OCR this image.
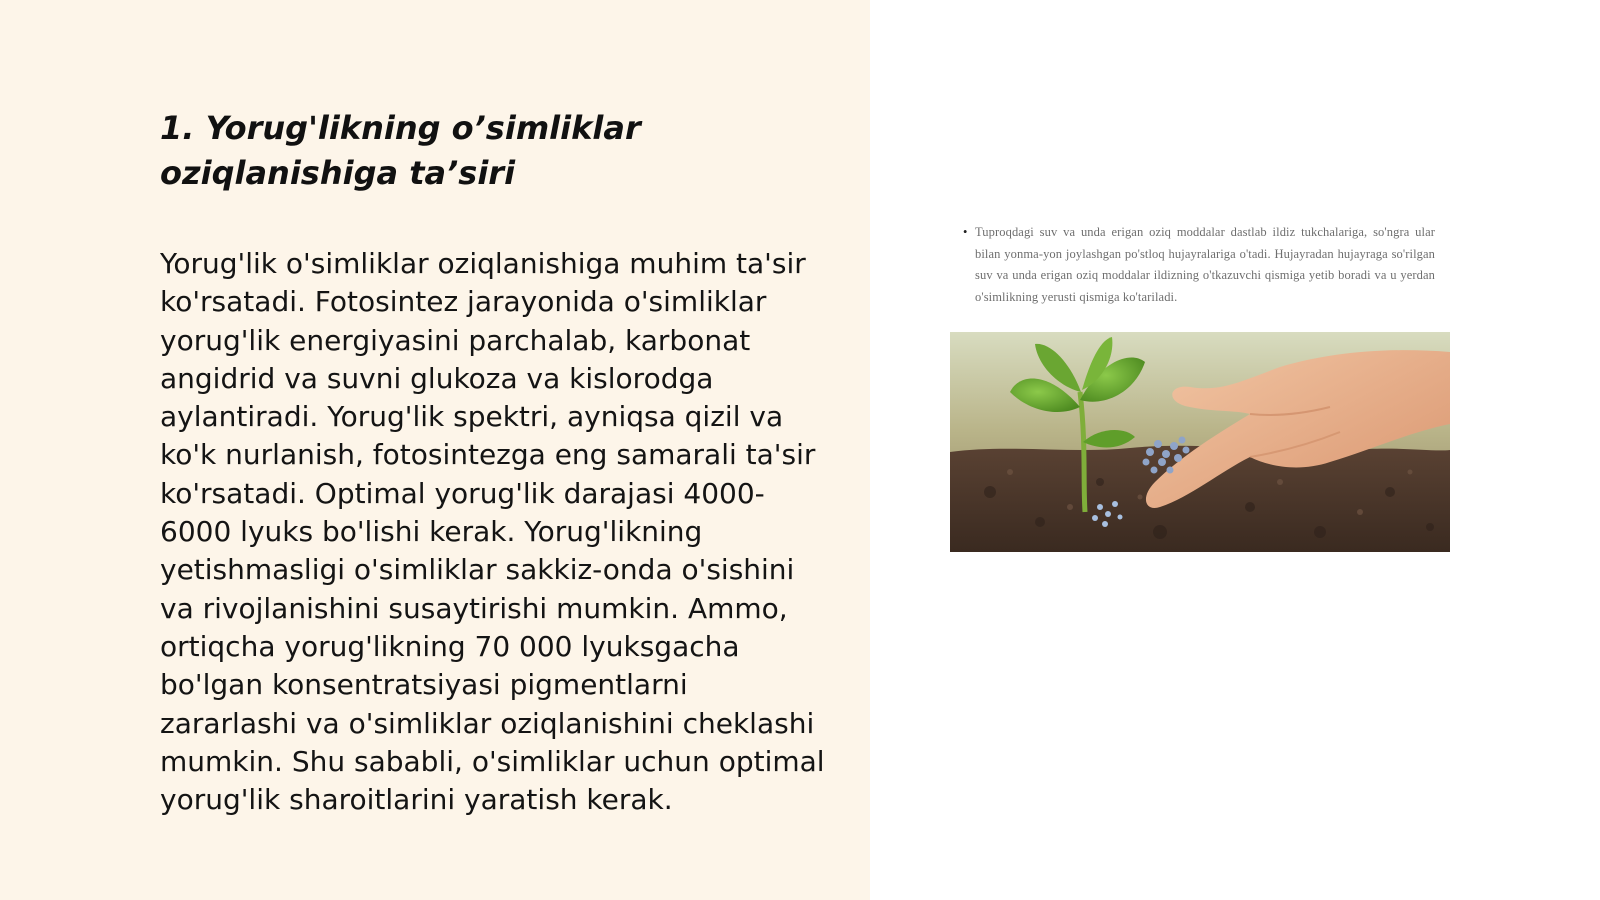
1. Yorug'likning o’simliklar oziqlanishiga ta’siri

Yorug'lik o'simliklar oziqlanishiga muhim ta'sir ko'rsatadi. Fotosintez jarayonida o'simliklar yorug'lik energiyasini parchalab, karbonat angidrid va suvni glukoza va kislorodga aylantiradi. Yorug'lik spektri, ayniqsa qizil va ko'k nurlanish, fotosintezga eng samarali ta'sir ko'rsatadi. Optimal yorug'lik darajasi 4000-6000 lyuks bo'lishi kerak. Yorug'likning yetishmasligi o'simliklar sakkiz-onda o'sishini va rivojlanishini susaytirishi mumkin. Ammo, ortiqcha yorug'likning 70 000 lyuksgacha bo'lgan konsentratsiyasi pigmentlarni zararlashi va o'simliklar oziqlanishini cheklashi mumkin. Shu sababli, o'simliklar uchun optimal yorug'lik sharoitlarini yaratish kerak.

• Tuproqdagi suv va unda erigan oziq moddalar dastlab ildiz tukchalariga, so'ngra ular bilan yonma-yon joylashgan po'stloq hujayralariga o'tadi. Hujayradan hujayraga so'rilgan suv va unda erigan oziq moddalar ildizning o'tkazuvchi qismiga yetib boradi va u yerdan o'simlikning yerusti qismiga ko'tariladi.
